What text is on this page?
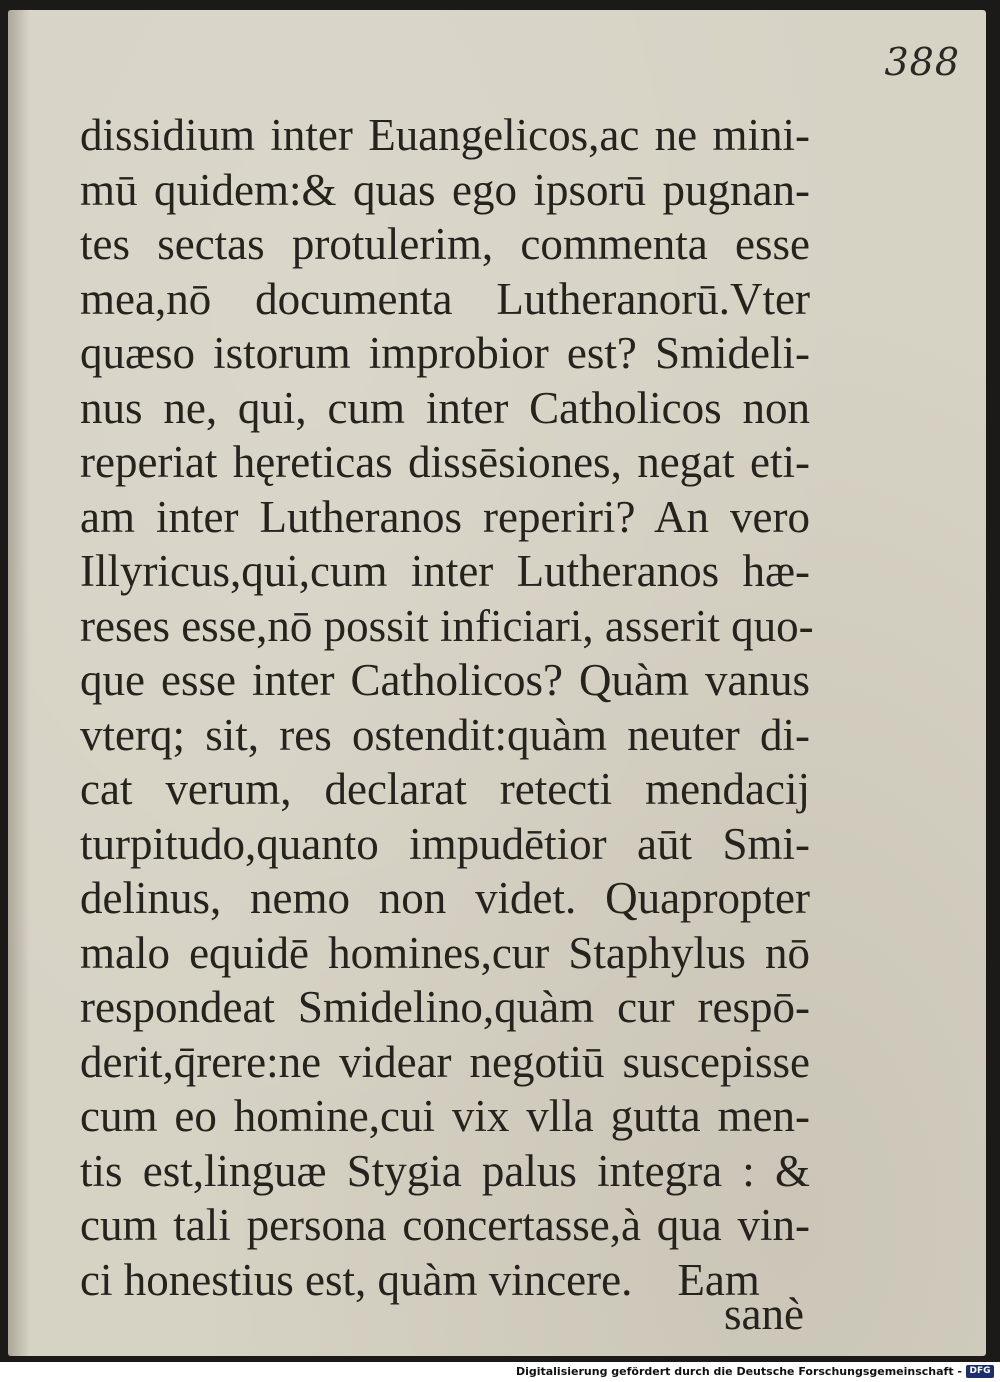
388
dissidium inter Euangelicos,ac ne mini-
mū quidem:& quas ego ipsorū pugnan-
tes sectas protulerim, commenta esse
mea,nō documenta Lutheranorū.Vter
quæso istorum improbior est? Smideli-
nus ne, qui, cum inter Catholicos non
reperiat hęreticas dissēsiones, negat eti-
am inter Lutheranos reperiri? An vero
Illyricus,qui,cum inter Lutheranos hæ-
reses esse,nō possit inficiari, asserit quo-
que esse inter Catholicos? Quàm vanus
vterq; sit, res ostendit:quàm neuter di-
cat verum, declarat retecti mendacij
turpitudo,quanto impudētior aūt Smi-
delinus, nemo non videt. Quapropter
malo equidē homines,cur Staphylus nō
respondeat Smidelino,quàm cur respō-
derit,q̄rere:ne videar negotiū suscepisse
cum eo homine,cui vix vlla gutta men-
tis est,linguæ Stygia palus integra : &
cum tali persona concertasse,à qua vin-
ci honestius est, quàm vincere.    Eam
sanè
Digitalisierung gefördert durch die Deutsche Forschungsgemeinschaft - DFG
